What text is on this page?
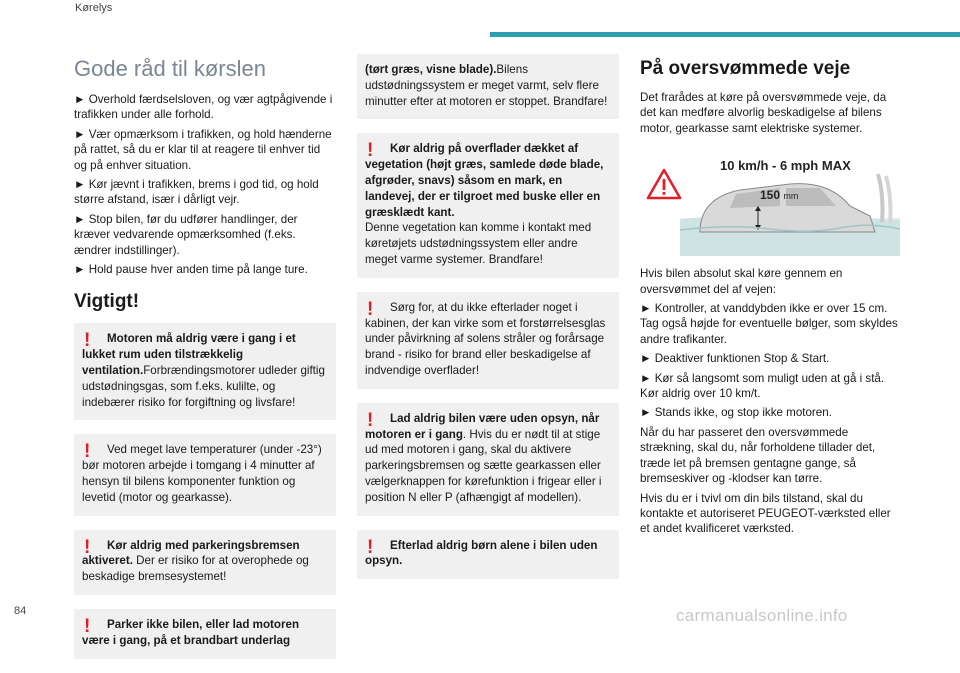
Kørelys
Gode råd til kørslen

► Overhold færdselsloven, og vær agtpågivende i trafikken under alle forhold.

► Vær opmærksom i trafikken, og hold hænderne på rattet, så du er klar til at reagere til enhver tid og på enhver situation.

► Kør jævnt i trafikken, brems i god tid, og hold større afstand, især i dårligt vejr.

► Stop bilen, før du udfører handlinger, der kræver vedvarende opmærksomhed (f.eks. ændrer indstillinger).

► Hold pause hver anden time på lange ture.

Vigtigt!
!	Motoren må aldrig være i gang i et lukket rum uden tilstrækkelig ventilation.Forbrændingsmotorer udleder giftig udstødningsgas, som f.eks. kulilte, og indebærer risiko for forgiftning og livsfare!
!	Ved meget lave temperaturer (under -23°) bør motoren arbejde i tomgang i 4 minutter af hensyn til bilens komponenter funktion og levetid (motor og gearkasse).
!	Kør aldrig med parkeringsbremsen aktiveret. Der er risiko for at overophede og beskadige bremsesystemet!
!	Parker ikke bilen, eller lad motoren være i gang, på et brandbart underlag
(tørt græs, visne blade).Bilens udstødningssystem er meget varmt, selv flere minutter efter at motoren er stoppet. Brandfare!
!	Kør aldrig på overflader dækket af vegetation (højt græs, samlede døde blade, afgrøder, snavs) såsom en mark, en landevej, der er tilgroet med buske eller en græsklædt kant.
Denne vegetation kan komme i kontakt med køretøjets udstødningssystem eller andre meget varme systemer. Brandfare!
!	Sørg for, at du ikke efterlader noget i kabinen, der kan virke som et forstørrelsesglas under påvirkning af solens stråler og forårsage brand - risiko for brand eller beskadigelse af indvendige overflader!
!	Lad aldrig bilen være uden opsyn, når motoren er i gang. Hvis du er nødt til at stige ud med motoren i gang, skal du aktivere parkeringsbremsen og sætte gearkassen eller vælgerknappen for kørefunktion i frigear eller i position N eller P (afhængigt af modellen).
!	Efterlad aldrig børn alene i bilen uden opsyn.
På oversvømmede veje

Det frarådes at køre på oversvømmede veje, da det kan medføre alvorlig beskadigelse af bilens motor, gearkasse samt elektriske systemer.

10 km/h - 6 mph MAX
150 mm

Hvis bilen absolut skal køre gennem en oversvømmet del af vejen:

► Kontroller, at vanddybden ikke er over 15 cm. Tag også højde for eventuelle bølger, som skyldes andre trafikanter.

► Deaktiver funktionen Stop & Start.

► Kør så langsomt som muligt uden at gå i stå. Kør aldrig over 10 km/t.

► Stands ikke, og stop ikke motoren.

Når du har passeret den oversvømmede strækning, skal du, når forholdene tillader det, træde let på bremsen gentagne gange, så bremseskiver og -klodser kan tørre.

Hvis du er i tvivl om din bils tilstand, skal du kontakte et autoriseret PEUGEOT-værksted eller et andet kvalificeret værksted.

84	carmanualsonline.info
